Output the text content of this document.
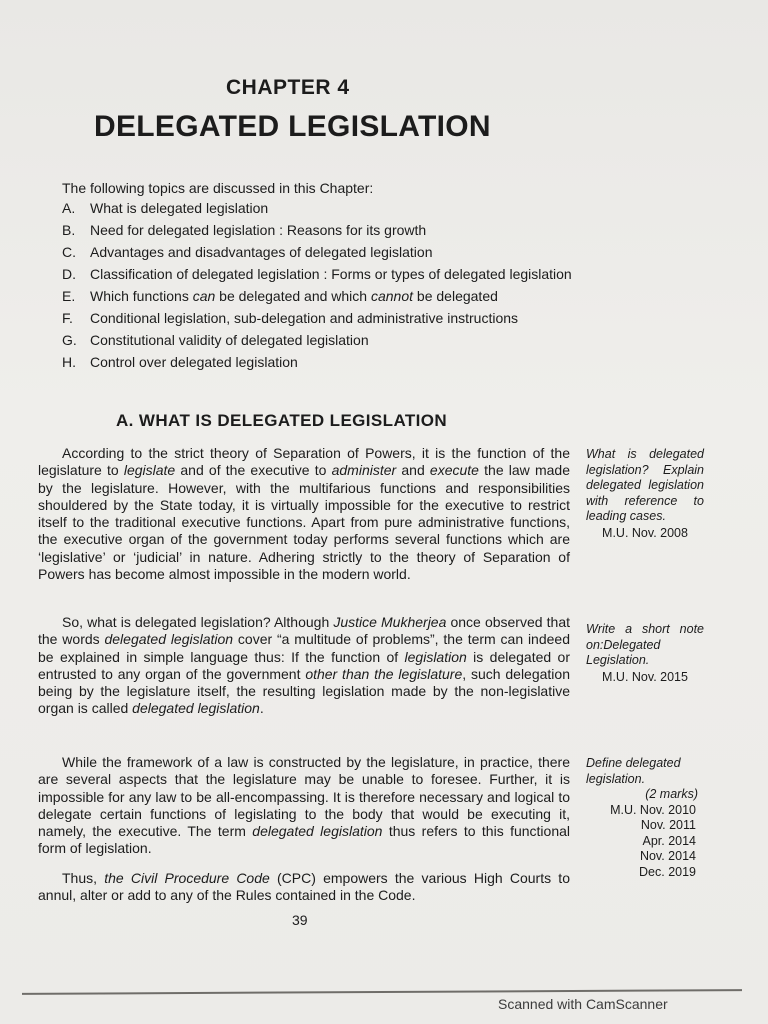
CHAPTER 4
DELEGATED LEGISLATION
The following topics are discussed in this Chapter:
A. What is delegated legislation
B. Need for delegated legislation : Reasons for its growth
C. Advantages and disadvantages of delegated legislation
D. Classification of delegated legislation : Forms or types of delegated legislation
E. Which functions can be delegated and which cannot be delegated
F. Conditional legislation, sub-delegation and administrative instructions
G. Constitutional validity of delegated legislation
H. Control over delegated legislation
A. WHAT IS DELEGATED LEGISLATION

According to the strict theory of Separation of Powers, it is the function of the legislature to legislate and of the executive to administer and execute the law made by the legislature. However, with the multifarious functions and responsibilities shouldered by the State today, it is virtually impossible for the executive to restrict itself to the traditional executive functions. Apart from pure administrative functions, the executive organ of the government today performs several functions which are ‘legislative’ or ‘judicial’ in nature. Adhering strictly to the theory of Separation of Powers has become almost impossible in the modern world.

So, what is delegated legislation? Although Justice Mukherjea once observed that the words delegated legislation cover “a multitude of problems”, the term can indeed be explained in simple language thus: If the function of legislation is delegated or entrusted to any organ of the government other than the legislature, such delegation being by the legislature itself, the resulting legislation made by the non-legislative organ is called delegated legislation.

While the framework of a law is constructed by the legislature, in practice, there are several aspects that the legislature may be unable to foresee. Further, it is impossible for any law to be all-encompassing. It is therefore necessary and logical to delegate certain functions of legislating to the body that would be executing it, namely, the executive. The term delegated legislation thus refers to this functional form of legislation.

Thus, the Civil Procedure Code (CPC) empowers the various High Courts to annul, alter or add to any of the Rules contained in the Code.

What is delegated legislation? Explain delegated legislation with reference to leading cases.
M.U. Nov. 2008
Write a short note on:Delegated Legislation.
M.U. Nov. 2015
Define delegated legislation.
(2 marks)
M.U. Nov. 2010
Nov. 2011
Apr. 2014
Nov. 2014
Dec. 2019
39
Scanned with CamScanner
